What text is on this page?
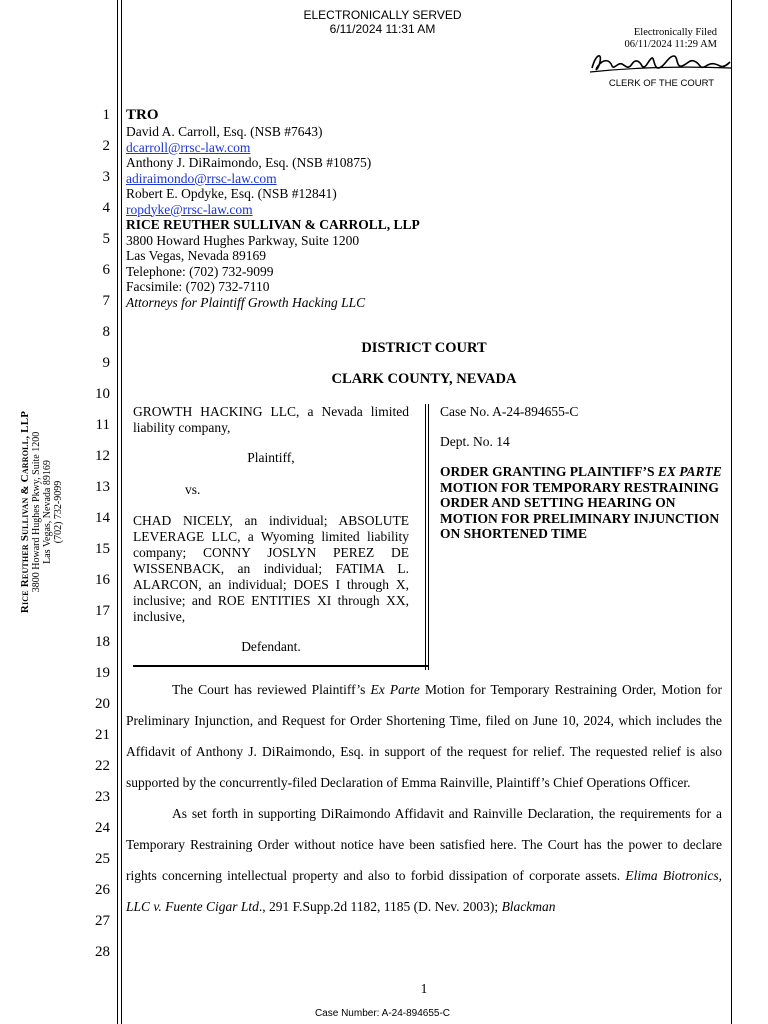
ELECTRONICALLY SERVED
6/11/2024 11:31 AM	Electronically Filed
06/11/2024 11:29 AM
CLERK OF THE COURT
Rice Reuther Sullivan & Carroll, LLP 3800 Howard Hughes Pkwy, Suite 1200 Las Vegas, Nevada 89169 (702) 732-9099
1
2
3
4
5
6
7
8
9
10
11
12
13
14
15
16
17
18
19
20
21
22
23
24
25
26
27
28
TRO
David A. Carroll, Esq. (NSB #7643)
dcarroll@rrsc-law.com
Anthony J. DiRaimondo, Esq. (NSB #10875)
adiraimondo@rrsc-law.com
Robert E. Opdyke, Esq. (NSB #12841)
ropdyke@rrsc-law.com
RICE REUTHER SULLIVAN & CARROLL, LLP
3800 Howard Hughes Parkway, Suite 1200
Las Vegas, Nevada 89169
Telephone: (702) 732-9099
Facsimile: (702) 732-7110
Attorneys for Plaintiff Growth Hacking LLC
DISTRICT COURT
CLARK COUNTY, NEVADA
GROWTH HACKING LLC, a Nevada limited liability company,
Plaintiff,
vs.
CHAD NICELY, an individual; ABSOLUTE LEVERAGE LLC, a Wyoming limited liability company; CONNY JOSLYN PEREZ DE WISSENBACK, an individual; FATIMA L. ALARCON, an individual; DOES I through X, inclusive; and ROE ENTITIES XI through XX, inclusive,
Defendant.
Case No. A-24-894655-C
Dept. No. 14
ORDER GRANTING PLAINTIFF’S EX PARTE MOTION FOR TEMPORARY RESTRAINING ORDER AND SETTING HEARING ON MOTION FOR PRELIMINARY INJUNCTION ON SHORTENED TIME

The Court has reviewed Plaintiff’s Ex Parte Motion for Temporary Restraining Order, Motion for Preliminary Injunction, and Request for Order Shortening Time, filed on June 10, 2024, which includes the Affidavit of Anthony J. DiRaimondo, Esq. in support of the request for relief. The requested relief is also supported by the concurrently-filed Declaration of Emma Rainville, Plaintiff’s Chief Operations Officer.

As set forth in supporting DiRaimondo Affidavit and Rainville Declaration, the requirements for a Temporary Restraining Order without notice have been satisfied here. The Court has the power to declare rights concerning intellectual property and also to forbid dissipation of corporate assets. Elima Biotronics, LLC v. Fuente Cigar Ltd., 291 F.Supp.2d 1182, 1185 (D. Nev. 2003); Blackman

1
Case Number: A-24-894655-C
